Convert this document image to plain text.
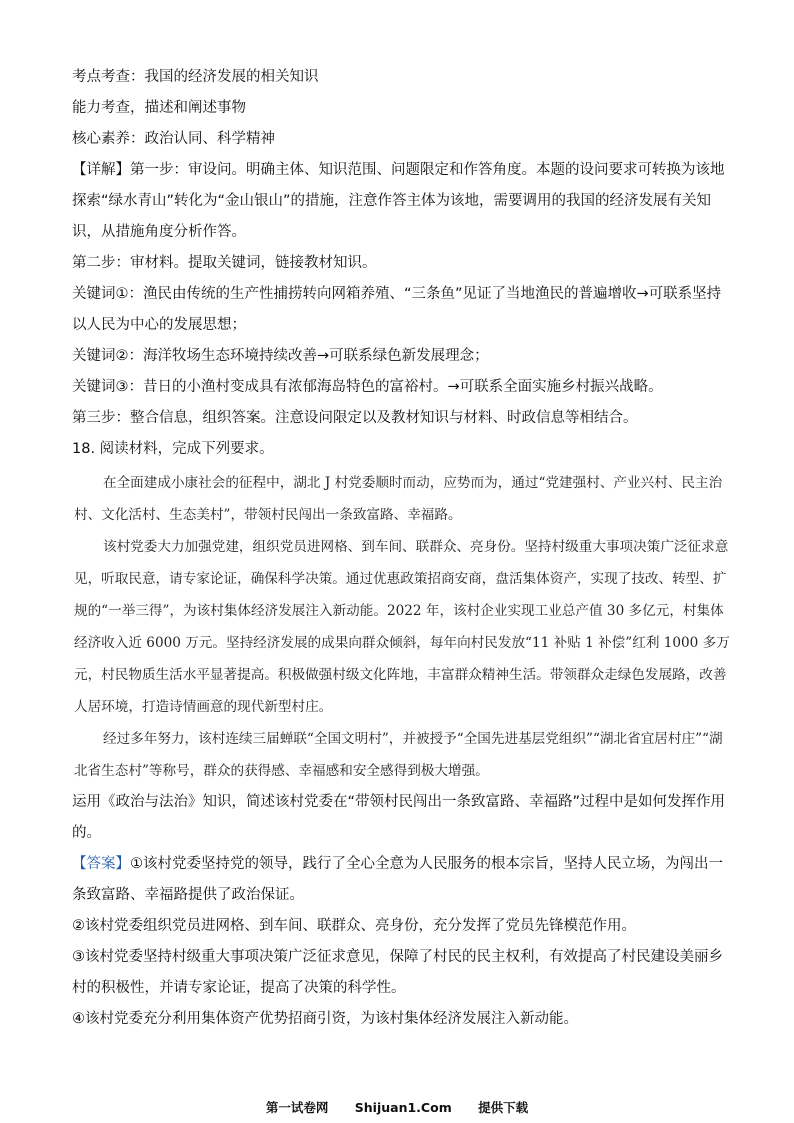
考点考查：我国的经济发展的相关知识

能力考查，描述和阐述事物

核心素养：政治认同、科学精神

【详解】第一步：审设问。明确主体、知识范围、问题限定和作答角度。本题的设问要求可转换为该地探索“绿水青山”转化为“金山银山”的措施，注意作答主体为该地，需要调用的我国的经济发展有关知识，从措施角度分析作答。

第二步：审材料。提取关键词，链接教材知识。

关键词①：渔民由传统的生产性捕捞转向网箱养殖、“三条鱼”见证了当地渔民的普遍增收→可联系坚持以人民为中心的发展思想；

关键词②：海洋牧场生态环境持续改善→可联系绿色新发展理念；

关键词③：昔日的小渔村变成具有浓郁海岛特色的富裕村。→可联系全面实施乡村振兴战略。

第三步：整合信息，组织答案。注意设问限定以及教材知识与材料、时政信息等相结合。

18. 阅读材料，完成下列要求。

在全面建成小康社会的征程中，湖北 J 村党委顺时而动，应势而为，通过“党建强村、产业兴村、民主治村、文化活村、生态美村”，带领村民闯出一条致富路、幸福路。

该村党委大力加强党建，组织党员进网格、到车间、联群众、亮身份。坚持村级重大事项决策广泛征求意见，听取民意，请专家论证，确保科学决策。通过优惠政策招商安商，盘活集体资产，实现了技改、转型、扩规的“一举三得”，为该村集体经济发展注入新动能。2022 年，该村企业实现工业总产值 30 多亿元，村集体经济收入近 6000 万元。坚持经济发展的成果向群众倾斜，每年向村民发放“11 补贴 1 补偿”红利 1000 多万元，村民物质生活水平显著提高。积极做强村级文化阵地，丰富群众精神生活。带领群众走绿色发展路，改善人居环境，打造诗情画意的现代新型村庄。

经过多年努力，该村连续三届蝉联“全国文明村”，并被授予“全国先进基层党组织”“湖北省宜居村庄”“湖北省生态村”等称号，群众的获得感、幸福感和安全感得到极大增强。

运用《政治与法治》知识，简述该村党委在“带领村民闯出一条致富路、幸福路”过程中是如何发挥作用的。

【答案】①该村党委坚持党的领导，践行了全心全意为人民服务的根本宗旨，坚持人民立场，为闯出一条致富路、幸福路提供了政治保证。

②该村党委组织党员进网格、到车间、联群众、亮身份，充分发挥了党员先锋模范作用。

③该村党委坚持村级重大事项决策广泛征求意见，保障了村民的民主权利，有效提高了村民建设美丽乡村的积极性，并请专家论证，提高了决策的科学性。

④该村党委充分利用集体资产优势招商引资，为该村集体经济发展注入新动能。

第一试卷网 Shijuan1.Com 提供下载
